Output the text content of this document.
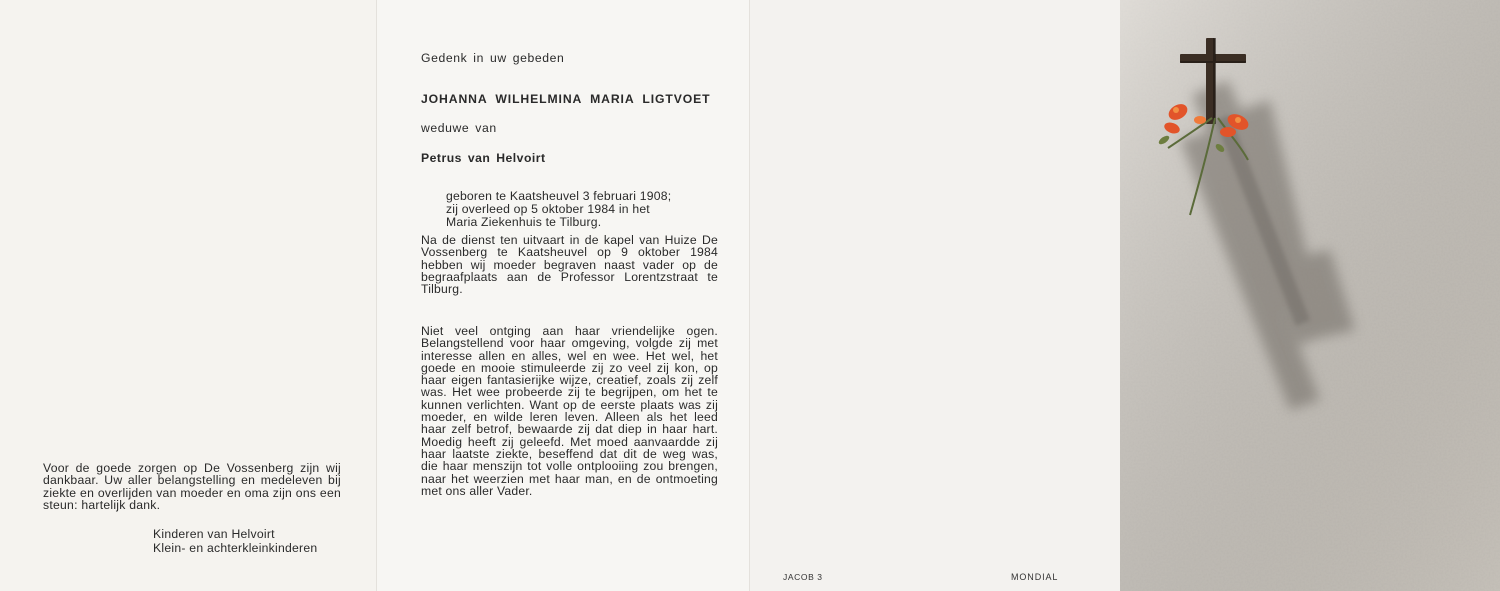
Voor de goede zorgen op De Vossenberg zijn wij dankbaar. Uw aller belangstelling en medeleven bij ziekte en overlijden van moeder en oma zijn ons een steun: hartelijk dank.
Kinderen van Helvoirt
Klein- en achterkleinkinderen
Gedenk in uw gebeden
JOHANNA WILHELMINA MARIA LIGTVOET
weduwe van
Petrus van Helvoirt
geboren te Kaatsheuvel 3 februari 1908;
zij overleed op 5 oktober 1984 in het
Maria Ziekenhuis te Tilburg.
Na de dienst ten uitvaart in de kapel van Huize De Vossenberg te Kaatsheuvel op 9 oktober 1984 hebben wij moeder begraven naast vader op de begraafplaats aan de Professor Lorentzstraat te Tilburg.
Niet veel ontging aan haar vriendelijke ogen. Belangstellend voor haar omgeving, volgde zij met interesse allen en alles, wel en wee. Het wel, het goede en mooie stimuleerde zij zo veel zij kon, op haar eigen fantasierijke wijze, creatief, zoals zij zelf was. Het wee probeerde zij te begrijpen, om het te kunnen verlichten. Want op de eerste plaats was zij moeder, en wilde leren leven. Alleen als het leed haar zelf betrof, bewaarde zij dat diep in haar hart. Moedig heeft zij geleefd. Met moed aanvaardde zij haar laatste ziekte, beseffend dat dit de weg was, die haar menszijn tot volle ontplooiing zou brengen, naar het weerzien met haar man, en de ontmoeting met ons aller Vader.
JACOB 3	MONDIAL
